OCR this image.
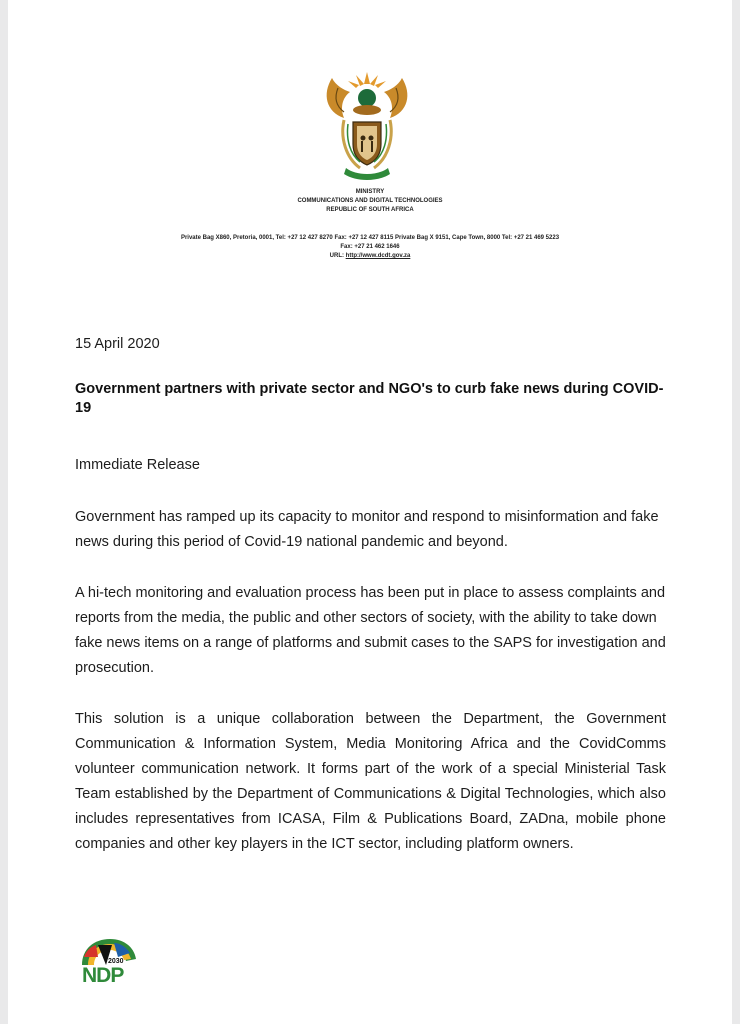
MINISTRY
COMMUNICATIONS AND DIGITAL TECHNOLOGIES
REPUBLIC OF SOUTH AFRICA
Private Bag X860, Pretoria, 0001, Tel: +27 12 427 8270 Fax: +27 12 427 8115 Private Bag X 9151, Cape Town, 8000 Tel: +27 21 469 5223
Fax: +27 21 462 1646
URL: http://www.dcdt.gov.za
15 April 2020
Government partners with private sector and NGO's to curb fake news during COVID-
19
Immediate Release
Government has ramped up its capacity to monitor and respond to misinformation and fake news during this period of Covid-19 national pandemic and beyond.
A hi-tech monitoring and evaluation process has been put in place to assess complaints and reports from the media, the public and other sectors of society, with the ability to take down fake news items on a range of platforms and submit cases to the SAPS for investigation and prosecution.
This solution is a unique collaboration between the Department, the Government Communication & Information System, Media Monitoring Africa and the CovidComms volunteer communication network. It forms part of the work of a special Ministerial Task Team established by the Department of Communications & Digital Technologies, which also includes representatives from ICASA, Film & Publications Board, ZADna, mobile phone companies and other key players in the ICT sector, including platform owners.
2030
NDP
